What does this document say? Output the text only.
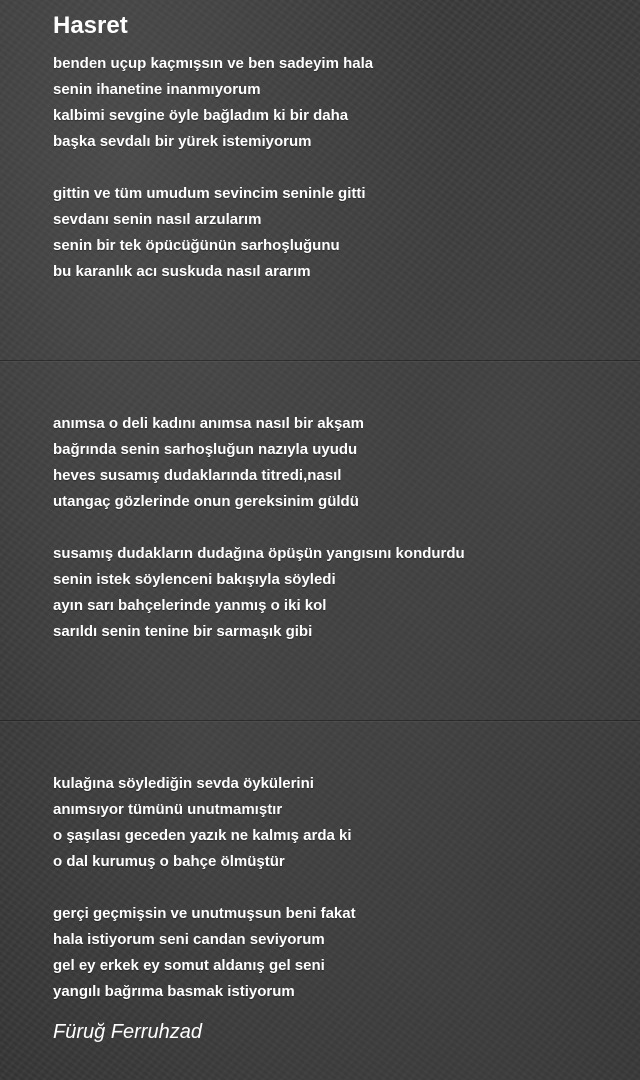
Hasret
benden uçup kaçmışsın ve ben sadeyim hala
senin ihanetine inanmıyorum
kalbimi sevgine öyle bağladım ki bir daha
başka sevdalı bir yürek istemiyorum
gittin ve tüm umudum sevincim seninle gitti
sevdanı senin nasıl arzularım
senin bir tek öpücüğünün sarhoşluğunu
bu karanlık acı suskuda nasıl ararım
anımsa o deli kadını anımsa nasıl bir akşam
bağrında senin sarhoşluğun nazıyla uyudu
heves susamış dudaklarında titredi,nasıl
utangaç gözlerinde onun gereksinim güldü
susamış dudakların dudağına öpüşün yangısını kondurdu
senin istek söylenceni bakışıyla söyledi
ayın sarı bahçelerinde yanmış o iki kol
sarıldı senin tenine bir sarmaşık gibi
kulağına söylediğin sevda öykülerini
anımsıyor tümünü unutmamıştır
o şaşılası geceden yazık ne kalmış arda ki
o dal kurumuş o bahçe ölmüştür
gerçi geçmişsin ve unutmuşsun beni fakat
hala istiyorum seni candan seviyorum
gel ey erkek ey somut aldanış gel seni
yangılı bağrıma basmak istiyorum

Füruğ Ferruhzad
